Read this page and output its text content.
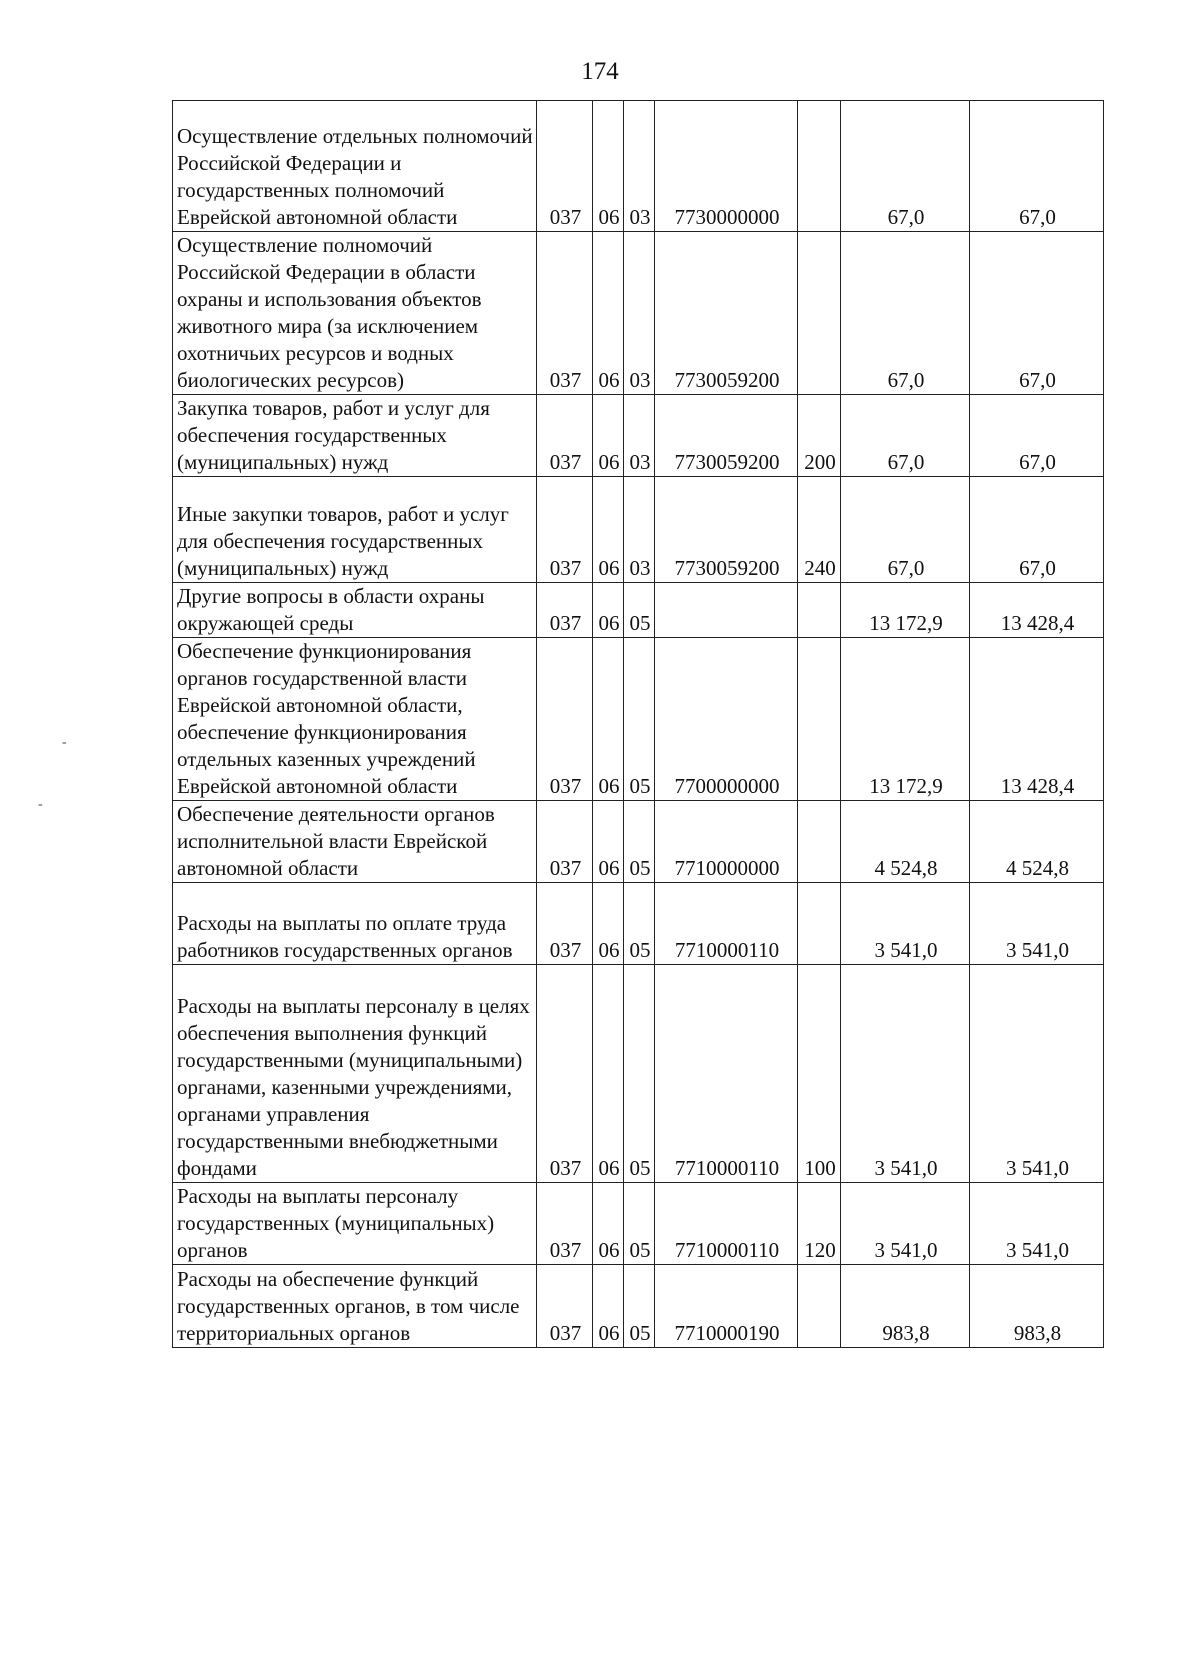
174
Осуществление отдельных полномочий Российской Федерации и государственных полномочий Еврейской автономной области	037	06	03	7730000000		67,0	67,0
Осуществление полномочий Российской Федерации в области охраны и использования объектов животного мира (за исключением охотничьих ресурсов и водных биологических ресурсов)	037	06	03	7730059200		67,0	67,0
Закупка товаров, работ и услуг для обеспечения государственных (муниципальных) нужд	037	06	03	7730059200	200	67,0	67,0
Иные закупки товаров, работ и услуг для обеспечения государственных (муниципальных) нужд	037	06	03	7730059200	240	67,0	67,0
Другие вопросы в области охраны окружающей среды	037	06	05			13 172,9	13 428,4
Обеспечение функционирования органов государственной власти Еврейской автономной области, обеспечение функционирования отдельных казенных учреждений Еврейской автономной области	037	06	05	7700000000		13 172,9	13 428,4
Обеспечение деятельности органов исполнительной власти Еврейской автономной области	037	06	05	7710000000		4 524,8	4 524,8
Расходы на выплаты по оплате труда работников государственных органов	037	06	05	7710000110		3 541,0	3 541,0
Расходы на выплаты персоналу в целях обеспечения выполнения функций государственными (муниципальными) органами, казенными учреждениями, органами управления государственными внебюджетными фондами	037	06	05	7710000110	100	3 541,0	3 541,0
Расходы на выплаты персоналу государственных (муниципальных) органов	037	06	05	7710000110	120	3 541,0	3 541,0
Расходы на обеспечение функций государственных органов, в том числе территориальных органов	037	06	05	7710000190		983,8	983,8
-
-
